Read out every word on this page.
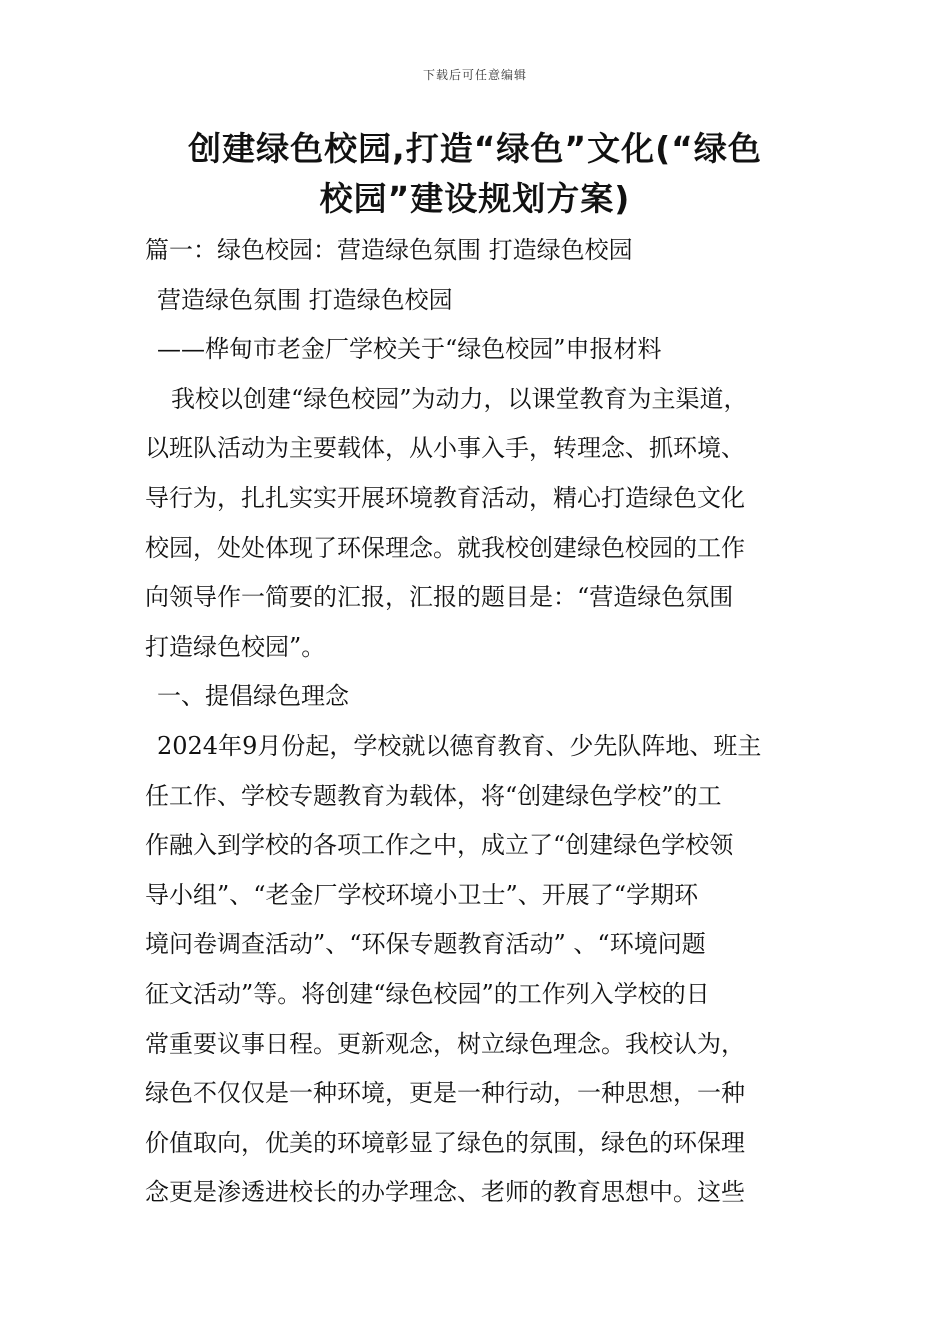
下载后可任意编辑
创建绿色校园,打造“绿色”文化(“绿色
校园”建设规划方案)

篇一：绿色校园：营造绿色氛围 打造绿色校园

营造绿色氛围 打造绿色校园

——桦甸市老金厂学校关于“绿色校园”申报材料

我校以创建“绿色校园”为动力，以课堂教育为主渠道，

以班队活动为主要载体，从小事入手，转理念、抓环境、

导行为，扎扎实实开展环境教育活动，精心打造绿色文化

校园，处处体现了环保理念。就我校创建绿色校园的工作

向领导作一简要的汇报，汇报的题目是：“营造绿色氛围

打造绿色校园”。

一、提倡绿色理念

2024年9月份起，学校就以德育教育、少先队阵地、班主

任工作、学校专题教育为载体，将“创建绿色学校”的工

作融入到学校的各项工作之中，成立了“创建绿色学校领

导小组”、“老金厂学校环境小卫士”、开展了“学期环

境问卷调查活动”、“环保专题教育活动” 、“环境问题

征文活动”等。将创建“绿色校园”的工作列入学校的日

常重要议事日程。更新观念，树立绿色理念。我校认为，

绿色不仅仅是一种环境，更是一种行动，一种思想，一种

价值取向，优美的环境彰显了绿色的氛围，绿色的环保理

念更是渗透进校长的办学理念、老师的教育思想中。这些
